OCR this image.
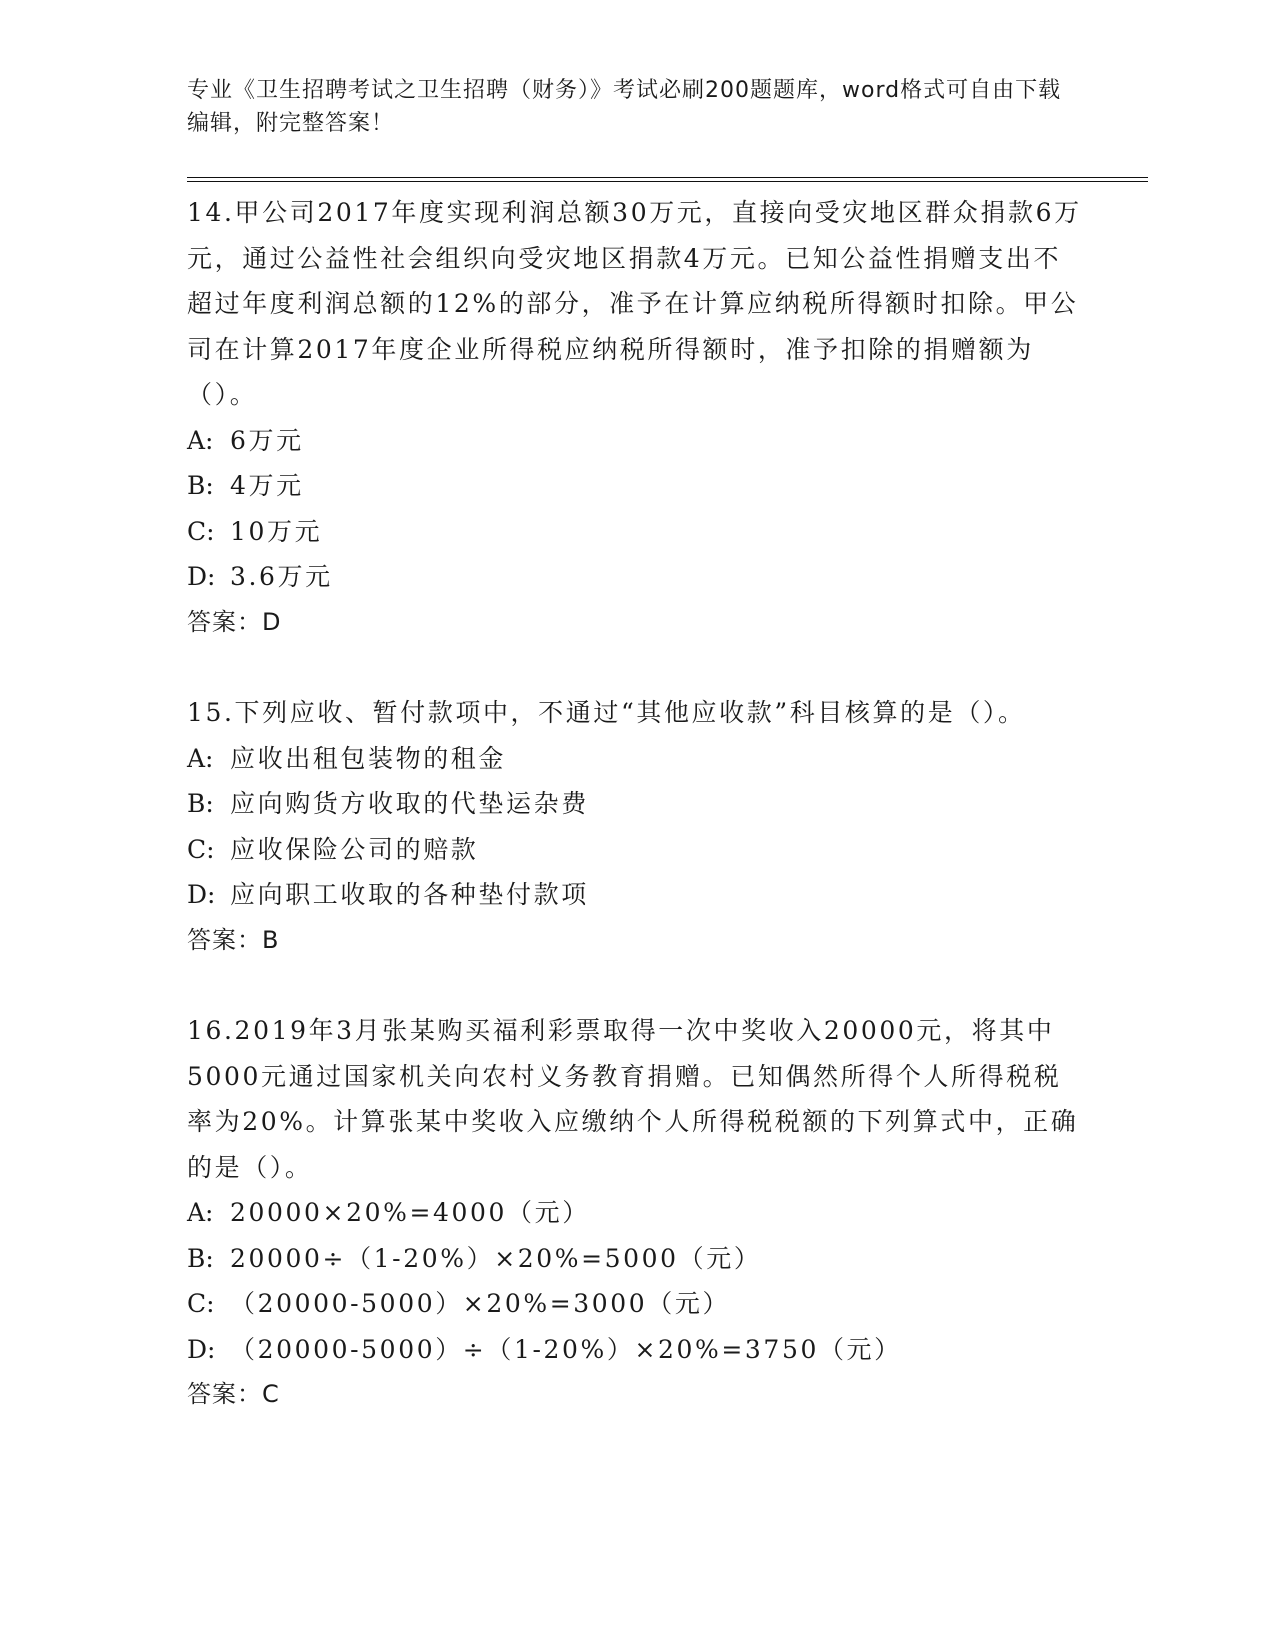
专业《卫生招聘考试之卫生招聘（财务）》考试必刷200题题库，word格式可自由下载编辑，附完整答案！
14.甲公司2017年度实现利润总额30万元，直接向受灾地区群众捐款6万元，通过公益性社会组织向受灾地区捐款4万元。已知公益性捐赠支出不超过年度利润总额的12%的部分，准予在计算应纳税所得额时扣除。甲公司在计算2017年度企业所得税应纳税所得额时，准予扣除的捐赠额为（）。
A: 6万元
B: 4万元
C: 10万元
D: 3.6万元
答案：D
15.下列应收、暂付款项中，不通过“其他应收款”科目核算的是（）。
A: 应收出租包装物的租金
B: 应向购货方收取的代垫运杂费
C: 应收保险公司的赔款
D: 应向职工收取的各种垫付款项
答案：B
16.2019年3月张某购买福利彩票取得一次中奖收入20000元，将其中5000元通过国家机关向农村义务教育捐赠。已知偶然所得个人所得税税率为20%。计算张某中奖收入应缴纳个人所得税税额的下列算式中，正确的是（）。
A: 20000×20%=4000（元）
B: 20000÷（1-20%）×20%=5000（元）
C: （20000-5000）×20%=3000（元）
D: （20000-5000）÷（1-20%）×20%=3750（元）
答案：C
